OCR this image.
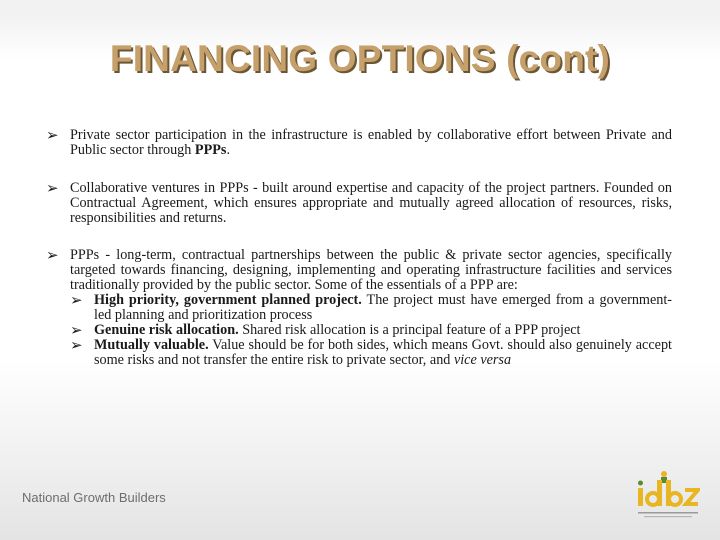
FINANCING OPTIONS (cont)
➢ Private sector participation in the infrastructure is enabled by collaborative effort between Private and Public sector through PPPs.
➢ Collaborative ventures in PPPs - built around expertise and capacity of the project partners. Founded on Contractual Agreement, which ensures appropriate and mutually agreed allocation of resources, risks, responsibilities and returns.
➢ PPPs - long-term, contractual partnerships between the public & private sector agencies, specifically targeted towards financing, designing, implementing and operating infrastructure facilities and services traditionally provided by the public sector. Some of the essentials of a PPP are:
➢ High priority, government planned project. The project must have emerged from a government-led planning and prioritization process
➢ Genuine risk allocation. Shared risk allocation is a principal feature of a PPP project
➢ Mutually valuable. Value should be for both sides, which means Govt. should also genuinely accept some risks and not transfer the entire risk to private sector, and vice versa
National Growth Builders
